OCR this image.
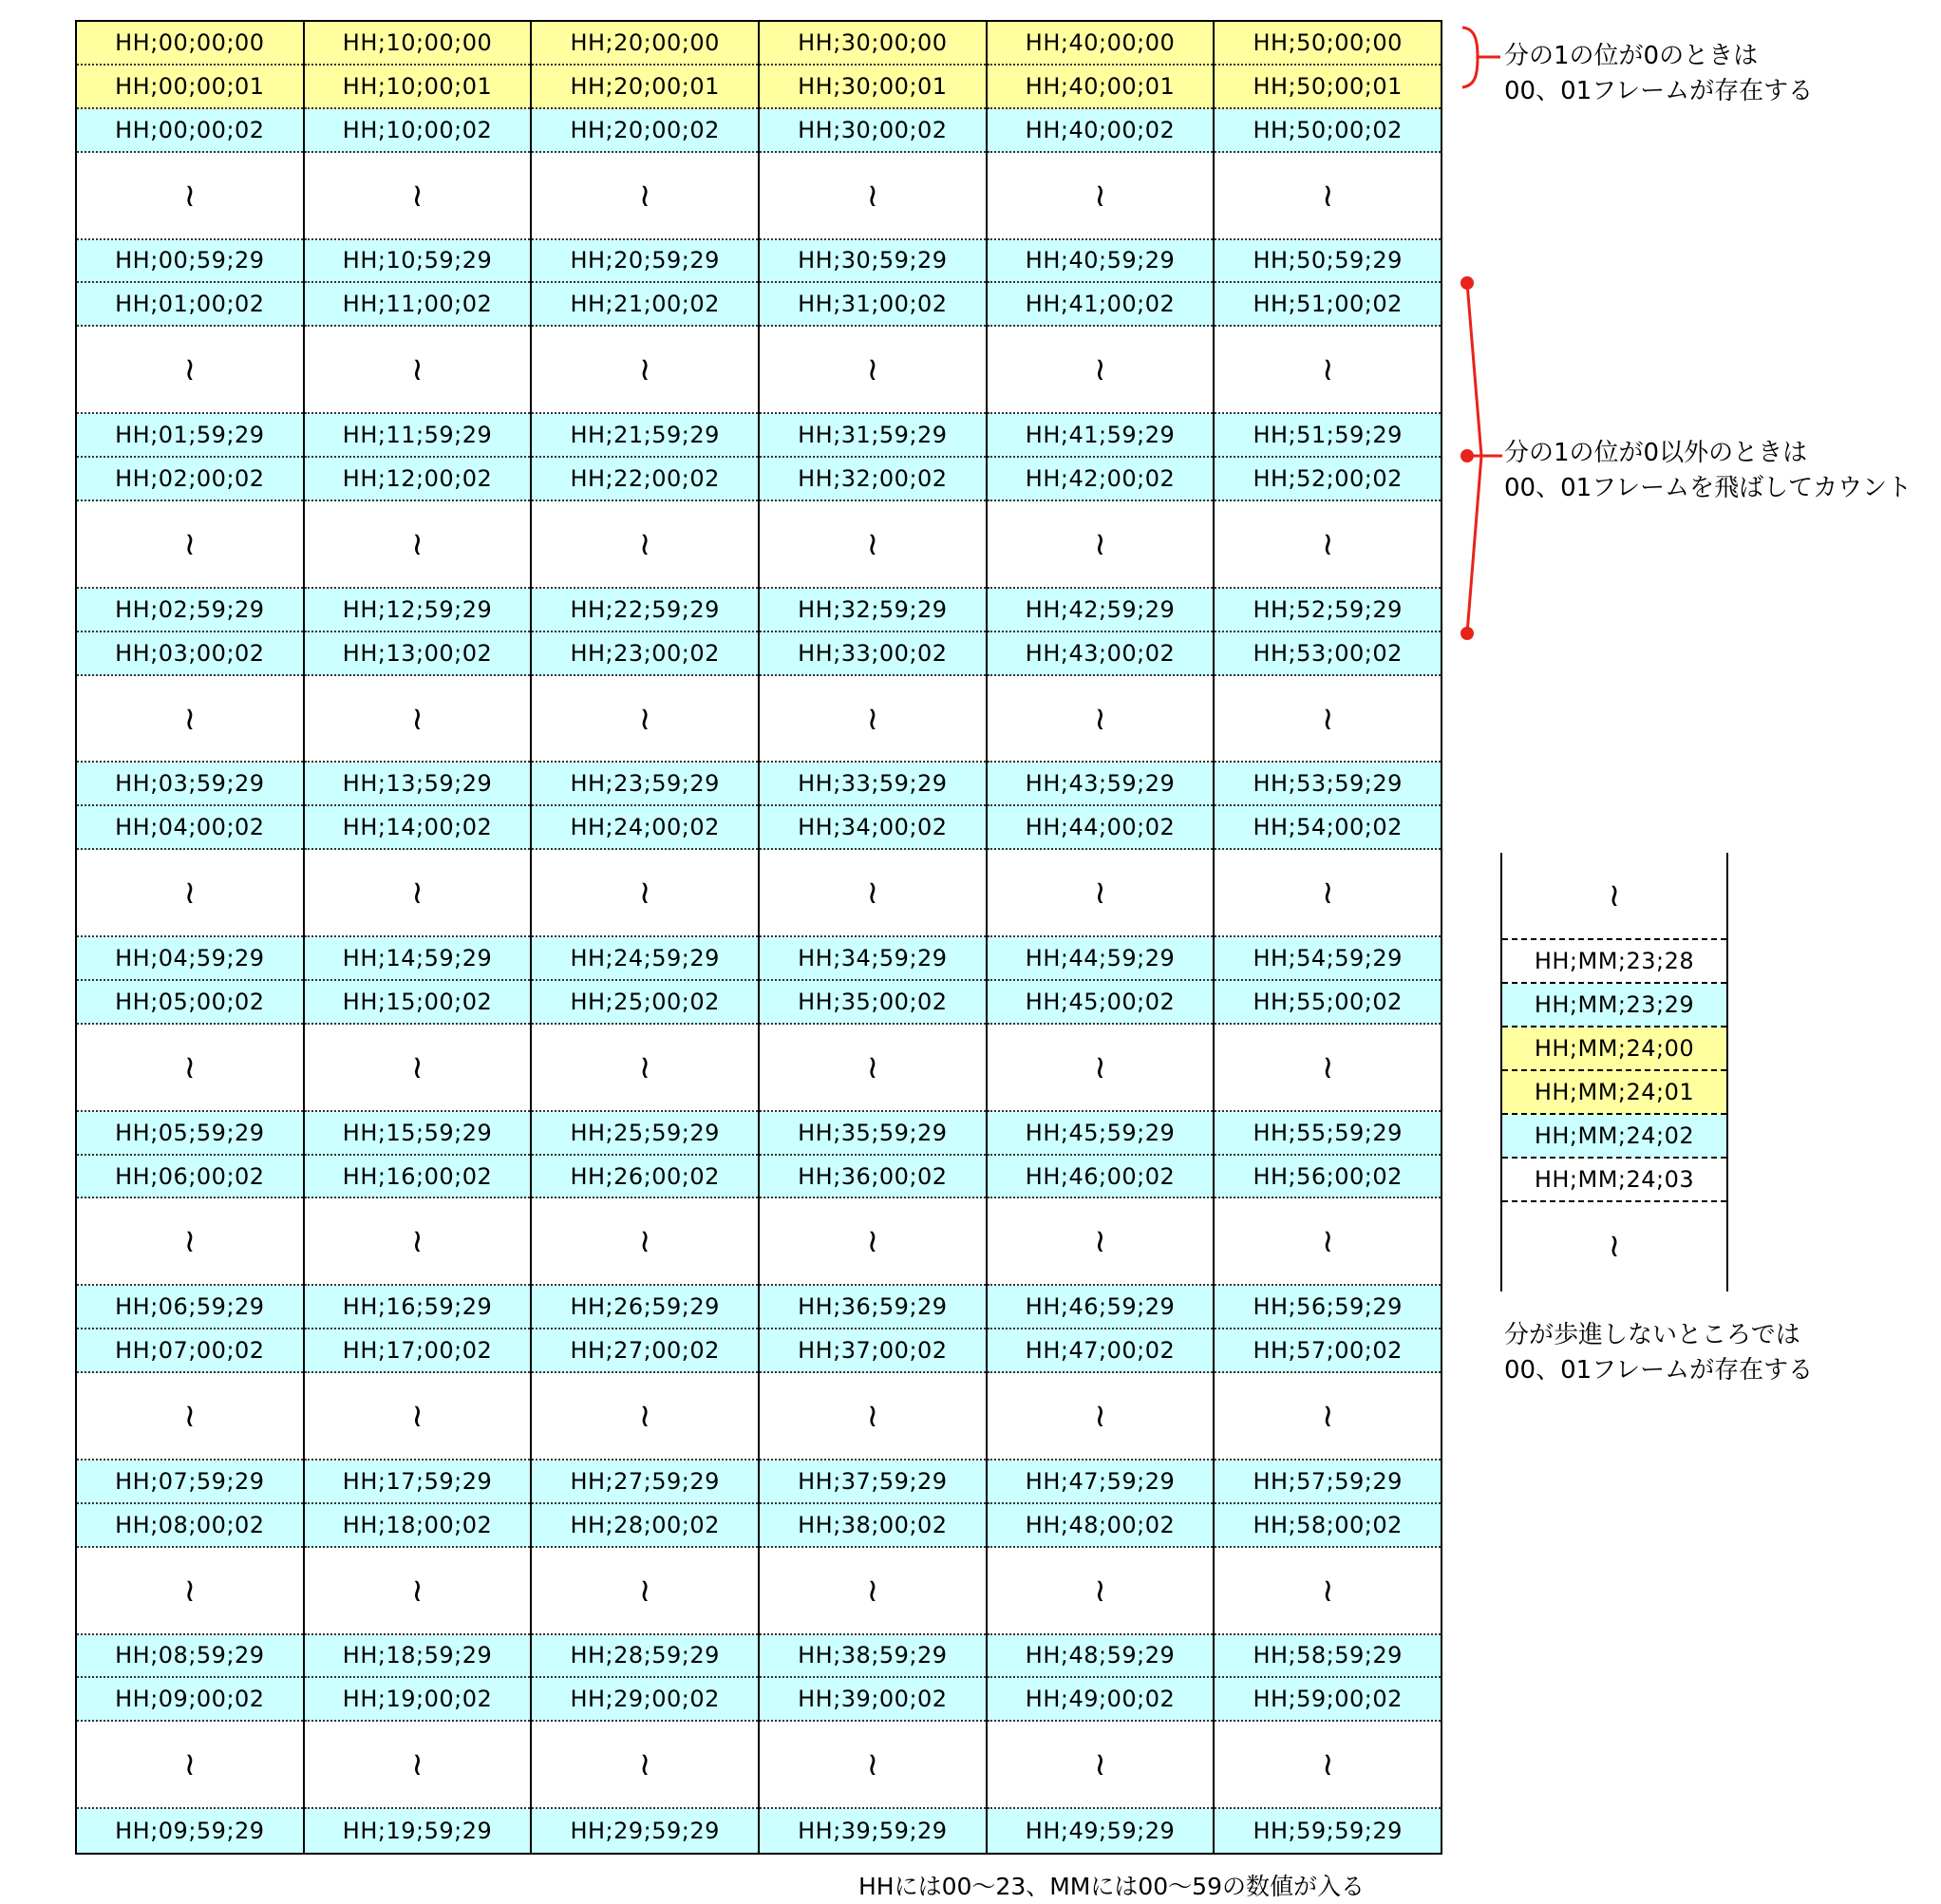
HH;00;00;00
HH;00;00;01
HH;00;00;02
≀
HH;00;59;29
HH;01;00;02
≀
HH;01;59;29
HH;02;00;02
≀
HH;02;59;29
HH;03;00;02
≀
HH;03;59;29
HH;04;00;02
≀
HH;04;59;29
HH;05;00;02
≀
HH;05;59;29
HH;06;00;02
≀
HH;06;59;29
HH;07;00;02
≀
HH;07;59;29
HH;08;00;02
≀
HH;08;59;29
HH;09;00;02
≀
HH;09;59;29
HH;10;00;00
HH;10;00;01
HH;10;00;02
≀
HH;10;59;29
HH;11;00;02
≀
HH;11;59;29
HH;12;00;02
≀
HH;12;59;29
HH;13;00;02
≀
HH;13;59;29
HH;14;00;02
≀
HH;14;59;29
HH;15;00;02
≀
HH;15;59;29
HH;16;00;02
≀
HH;16;59;29
HH;17;00;02
≀
HH;17;59;29
HH;18;00;02
≀
HH;18;59;29
HH;19;00;02
≀
HH;19;59;29
HH;20;00;00
HH;20;00;01
HH;20;00;02
≀
HH;20;59;29
HH;21;00;02
≀
HH;21;59;29
HH;22;00;02
≀
HH;22;59;29
HH;23;00;02
≀
HH;23;59;29
HH;24;00;02
≀
HH;24;59;29
HH;25;00;02
≀
HH;25;59;29
HH;26;00;02
≀
HH;26;59;29
HH;27;00;02
≀
HH;27;59;29
HH;28;00;02
≀
HH;28;59;29
HH;29;00;02
≀
HH;29;59;29
HH;30;00;00
HH;30;00;01
HH;30;00;02
≀
HH;30;59;29
HH;31;00;02
≀
HH;31;59;29
HH;32;00;02
≀
HH;32;59;29
HH;33;00;02
≀
HH;33;59;29
HH;34;00;02
≀
HH;34;59;29
HH;35;00;02
≀
HH;35;59;29
HH;36;00;02
≀
HH;36;59;29
HH;37;00;02
≀
HH;37;59;29
HH;38;00;02
≀
HH;38;59;29
HH;39;00;02
≀
HH;39;59;29
HH;40;00;00
HH;40;00;01
HH;40;00;02
≀
HH;40;59;29
HH;41;00;02
≀
HH;41;59;29
HH;42;00;02
≀
HH;42;59;29
HH;43;00;02
≀
HH;43;59;29
HH;44;00;02
≀
HH;44;59;29
HH;45;00;02
≀
HH;45;59;29
HH;46;00;02
≀
HH;46;59;29
HH;47;00;02
≀
HH;47;59;29
HH;48;00;02
≀
HH;48;59;29
HH;49;00;02
≀
HH;49;59;29
HH;50;00;00
HH;50;00;01
HH;50;00;02
≀
HH;50;59;29
HH;51;00;02
≀
HH;51;59;29
HH;52;00;02
≀
HH;52;59;29
HH;53;00;02
≀
HH;53;59;29
HH;54;00;02
≀
HH;54;59;29
HH;55;00;02
≀
HH;55;59;29
HH;56;00;02
≀
HH;56;59;29
HH;57;00;02
≀
HH;57;59;29
HH;58;00;02
≀
HH;58;59;29
HH;59;00;02
≀
HH;59;59;29
分の1の位が0のときは
00、01フレームが存在する
分の1の位が0以外のときは
00、01フレームを飛ばしてカウント
≀
HH;MM;23;28
HH;MM;23;29
HH;MM;24;00
HH;MM;24;01
HH;MM;24;02
HH;MM;24;03
≀
分が歩進しないところでは
00、01フレームが存在する
HHには00～23、MMには00～59の数値が入る
